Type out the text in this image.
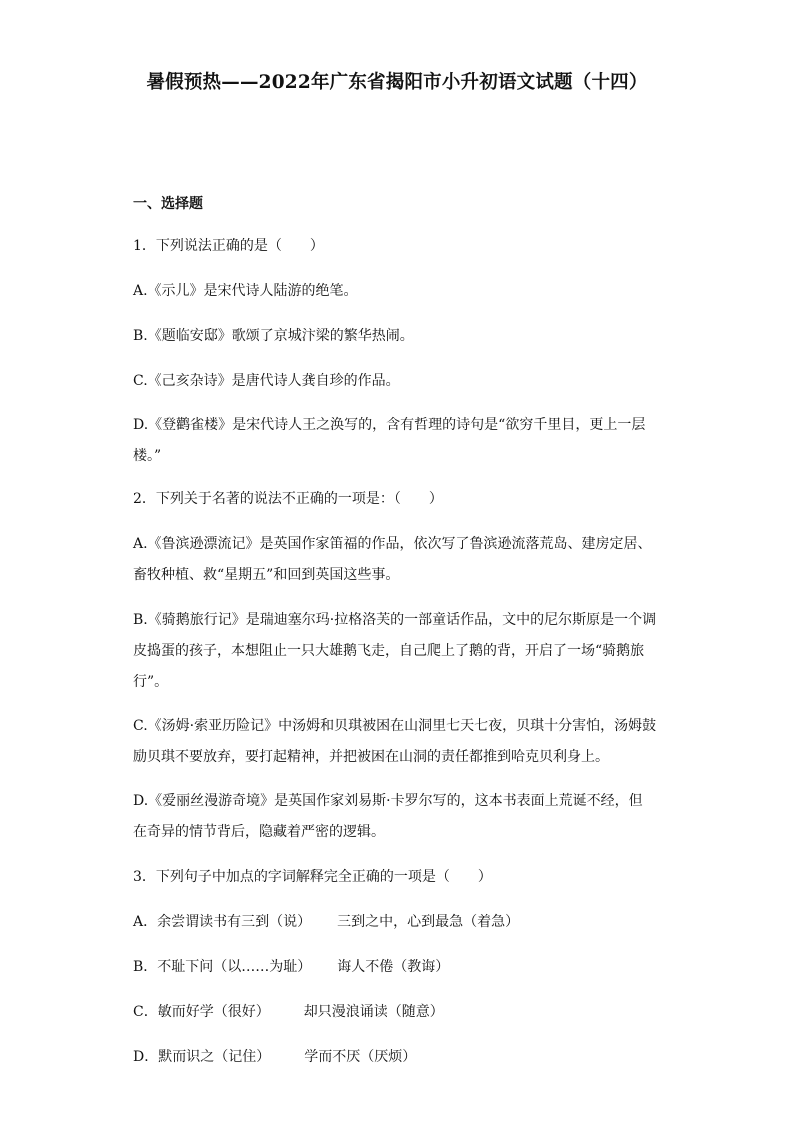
暑假预热——2022年广东省揭阳市小升初语文试题（十四）
一、选择题
1．下列说法正确的是（　　）
A.《示儿》是宋代诗人陆游的绝笔。
B.《题临安邸》歌颂了京城汴梁的繁华热闹。
C.《己亥杂诗》是唐代诗人龚自珍的作品。
D.《登鹳雀楼》是宋代诗人王之涣写的，含有哲理的诗句是“欲穷千里目，更上一层
楼。”
2．下列关于名著的说法不正确的一项是：（　　）
A.《鲁滨逊漂流记》是英国作家笛福的作品，依次写了鲁滨逊流落荒岛、建房定居、
畜牧种植、救“星期五”和回到英国这些事。
B.《骑鹅旅行记》是瑞迪塞尔玛·拉格洛芙的一部童话作品，文中的尼尔斯原是一个调
皮捣蛋的孩子，本想阻止一只大雄鹅飞走，自己爬上了鹅的背，开启了一场“骑鹅旅
行”。
C.《汤姆·索亚历险记》中汤姆和贝琪被困在山洞里七天七夜，贝琪十分害怕，汤姆鼓
励贝琪不要放弃，要打起精神，并把被困在山洞的责任都推到哈克贝利身上。
D.《爱丽丝漫游奇境》是英国作家刘易斯·卡罗尔写的，这本书表面上荒诞不经，但
在奇异的情节背后，隐藏着严密的逻辑。
3．下列句子中加点的字词解释完全正确的一项是（　　）
A．余尝谓读书有三到（说） 三到之中，心到最急（着急）
B．不耻下问（以……为耻） 诲人不倦（教诲）
C．敏而好学（很好） 却只漫浪诵读（随意）
D．默而识之（记住） 学而不厌（厌烦）
